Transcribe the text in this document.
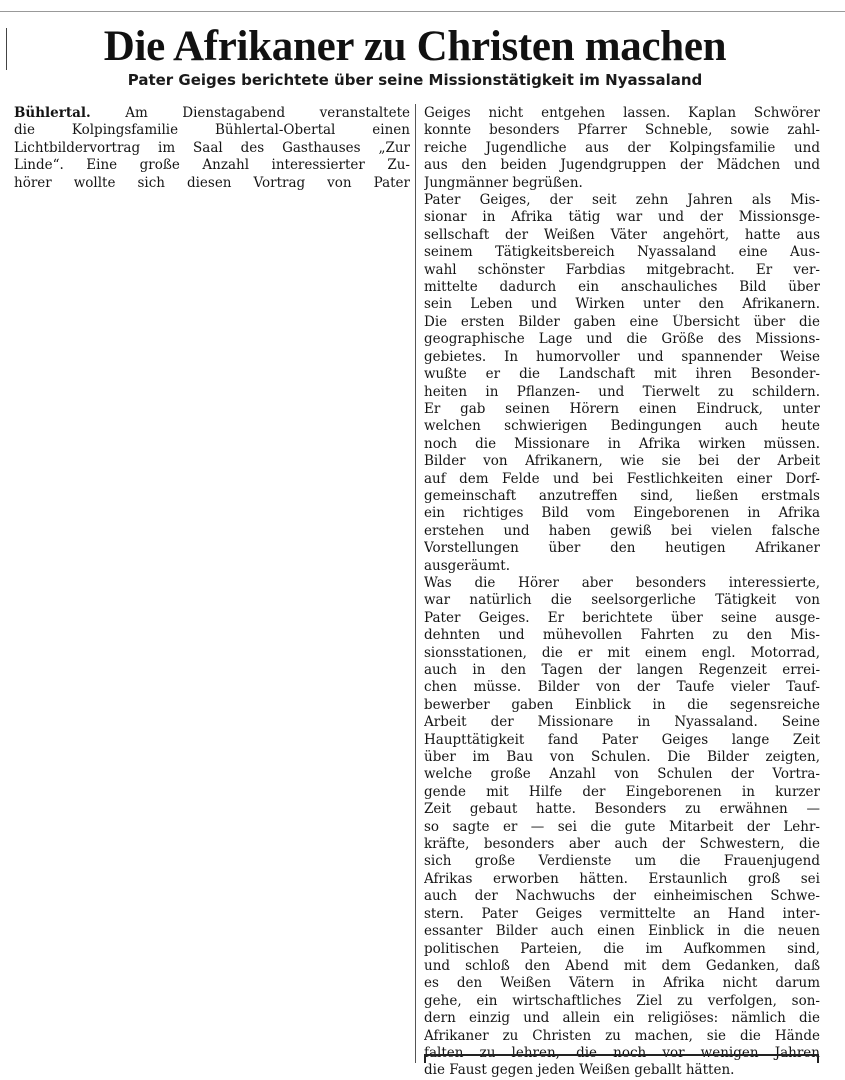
Die Afrikaner zu Christen machen
Pater Geiges berichtete über seine Missionstätigkeit im Nyassaland
Bühlertal. Am Dienstagabend veranstaltete
die Kolpingsfamilie Bühlertal-Obertal einen
Lichtbildervortrag im Saal des Gasthauses „Zur
Linde“. Eine große Anzahl interessierter Zu-
hörer wollte sich diesen Vortrag von Pater
Geiges nicht entgehen lassen. Kaplan Schwörer
konnte besonders Pfarrer Schneble, sowie zahl-
reiche Jugendliche aus der Kolpingsfamilie und
aus den beiden Jugendgruppen der Mädchen und
Jungmänner begrüßen.
Pater Geiges, der seit zehn Jahren als Mis-
sionar in Afrika tätig war und der Missionsge-
sellschaft der Weißen Väter angehört, hatte aus
seinem Tätigkeitsbereich Nyassaland eine Aus-
wahl schönster Farbdias mitgebracht. Er ver-
mittelte dadurch ein anschauliches Bild über
sein Leben und Wirken unter den Afrikanern.
Die ersten Bilder gaben eine Übersicht über die
geographische Lage und die Größe des Missions-
gebietes. In humorvoller und spannender Weise
wußte er die Landschaft mit ihren Besonder-
heiten in Pflanzen- und Tierwelt zu schildern.
Er gab seinen Hörern einen Eindruck, unter
welchen schwierigen Bedingungen auch heute
noch die Missionare in Afrika wirken müssen.
Bilder von Afrikanern, wie sie bei der Arbeit
auf dem Felde und bei Festlichkeiten einer Dorf-
gemeinschaft anzutreffen sind, ließen erstmals
ein richtiges Bild vom Eingeborenen in Afrika
erstehen und haben gewiß bei vielen falsche
Vorstellungen über den heutigen Afrikaner
ausgeräumt.
Was die Hörer aber besonders interessierte,
war natürlich die seelsorgerliche Tätigkeit von
Pater Geiges. Er berichtete über seine ausge-
dehnten und mühevollen Fahrten zu den Mis-
sionsstationen, die er mit einem engl. Motorrad,
auch in den Tagen der langen Regenzeit errei-
chen müsse. Bilder von der Taufe vieler Tauf-
bewerber gaben Einblick in die segensreiche
Arbeit der Missionare in Nyassaland. Seine
Haupttätigkeit fand Pater Geiges lange Zeit
über im Bau von Schulen. Die Bilder zeigten,
welche große Anzahl von Schulen der Vortra-
gende mit Hilfe der Eingeborenen in kurzer
Zeit gebaut hatte. Besonders zu erwähnen —
so sagte er — sei die gute Mitarbeit der Lehr-
kräfte, besonders aber auch der Schwestern, die
sich große Verdienste um die Frauenjugend
Afrikas erworben hätten. Erstaunlich groß sei
auch der Nachwuchs der einheimischen Schwe-
stern. Pater Geiges vermittelte an Hand inter-
essanter Bilder auch einen Einblick in die neuen
politischen Parteien, die im Aufkommen sind,
und schloß den Abend mit dem Gedanken, daß
es den Weißen Vätern in Afrika nicht darum
gehe, ein wirtschaftliches Ziel zu verfolgen, son-
dern einzig und allein ein religiöses: nämlich die
Afrikaner zu Christen zu machen, sie die Hände
falten zu lehren, die noch vor wenigen Jahren
die Faust gegen jeden Weißen geballt hätten.
